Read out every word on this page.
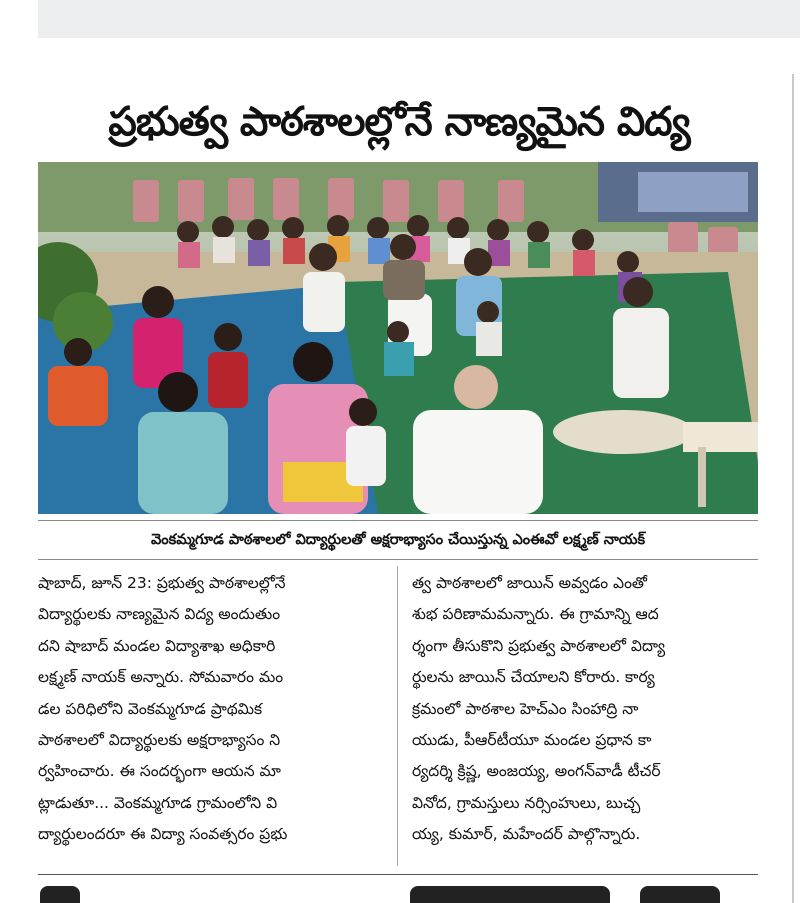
ప్రభుత్వ పాఠశాలల్లోనే నాణ్యమైన విద్య
వెంకమ్మగూడ పాఠశాలలో విద్యార్థులతో అక్షరాభ్యాసం చేయిస్తున్న ఎంఈవో లక్ష్మణ్ నాయక్
షాబాద్, జూన్ 23: ప్రభుత్వ పాఠశాలల్లోనే
విద్యార్థులకు నాణ్యమైన విద్య అందుతుం
దని షాబాద్ మండల విద్యాశాఖ అధికారి
లక్ష్మణ్ నాయక్ అన్నారు. సోమవారం మం
డల పరిధిలోని వెంకమ్మగూడ ప్రాథమిక
పాఠశాలలో విద్యార్థులకు అక్షరాభ్యాసం ని
ర్వహించారు. ఈ సందర్భంగా ఆయన మా
ట్లాడుతూ... వెంకమ్మగూడ గ్రామంలోని వి
ద్యార్థులందరూ ఈ విద్యా సంవత్సరం ప్రభు
త్వ పాఠశాలలో జాయిన్ అవ్వడం ఎంతో
శుభ పరిణామమన్నారు. ఈ గ్రామాన్ని ఆద
ర్శంగా తీసుకొని ప్రభుత్వ పాఠశాలలో విద్యా
ర్థులను జాయిన్ చేయాలని కోరారు. కార్య
క్రమంలో పాఠశాల హెచ్ఎం సింహాద్రి నా
యుడు, పీఆర్‌టీయూ మండల ప్రధాన కా
ర్యదర్శి క్రిష్ణ, అంజయ్య, అంగన్‌వాడీ టీచర్
వినోద, గ్రామస్తులు నర్సింహులు, బుచ్చ
య్య, కుమార్, మహేందర్ పాల్గొన్నారు.
